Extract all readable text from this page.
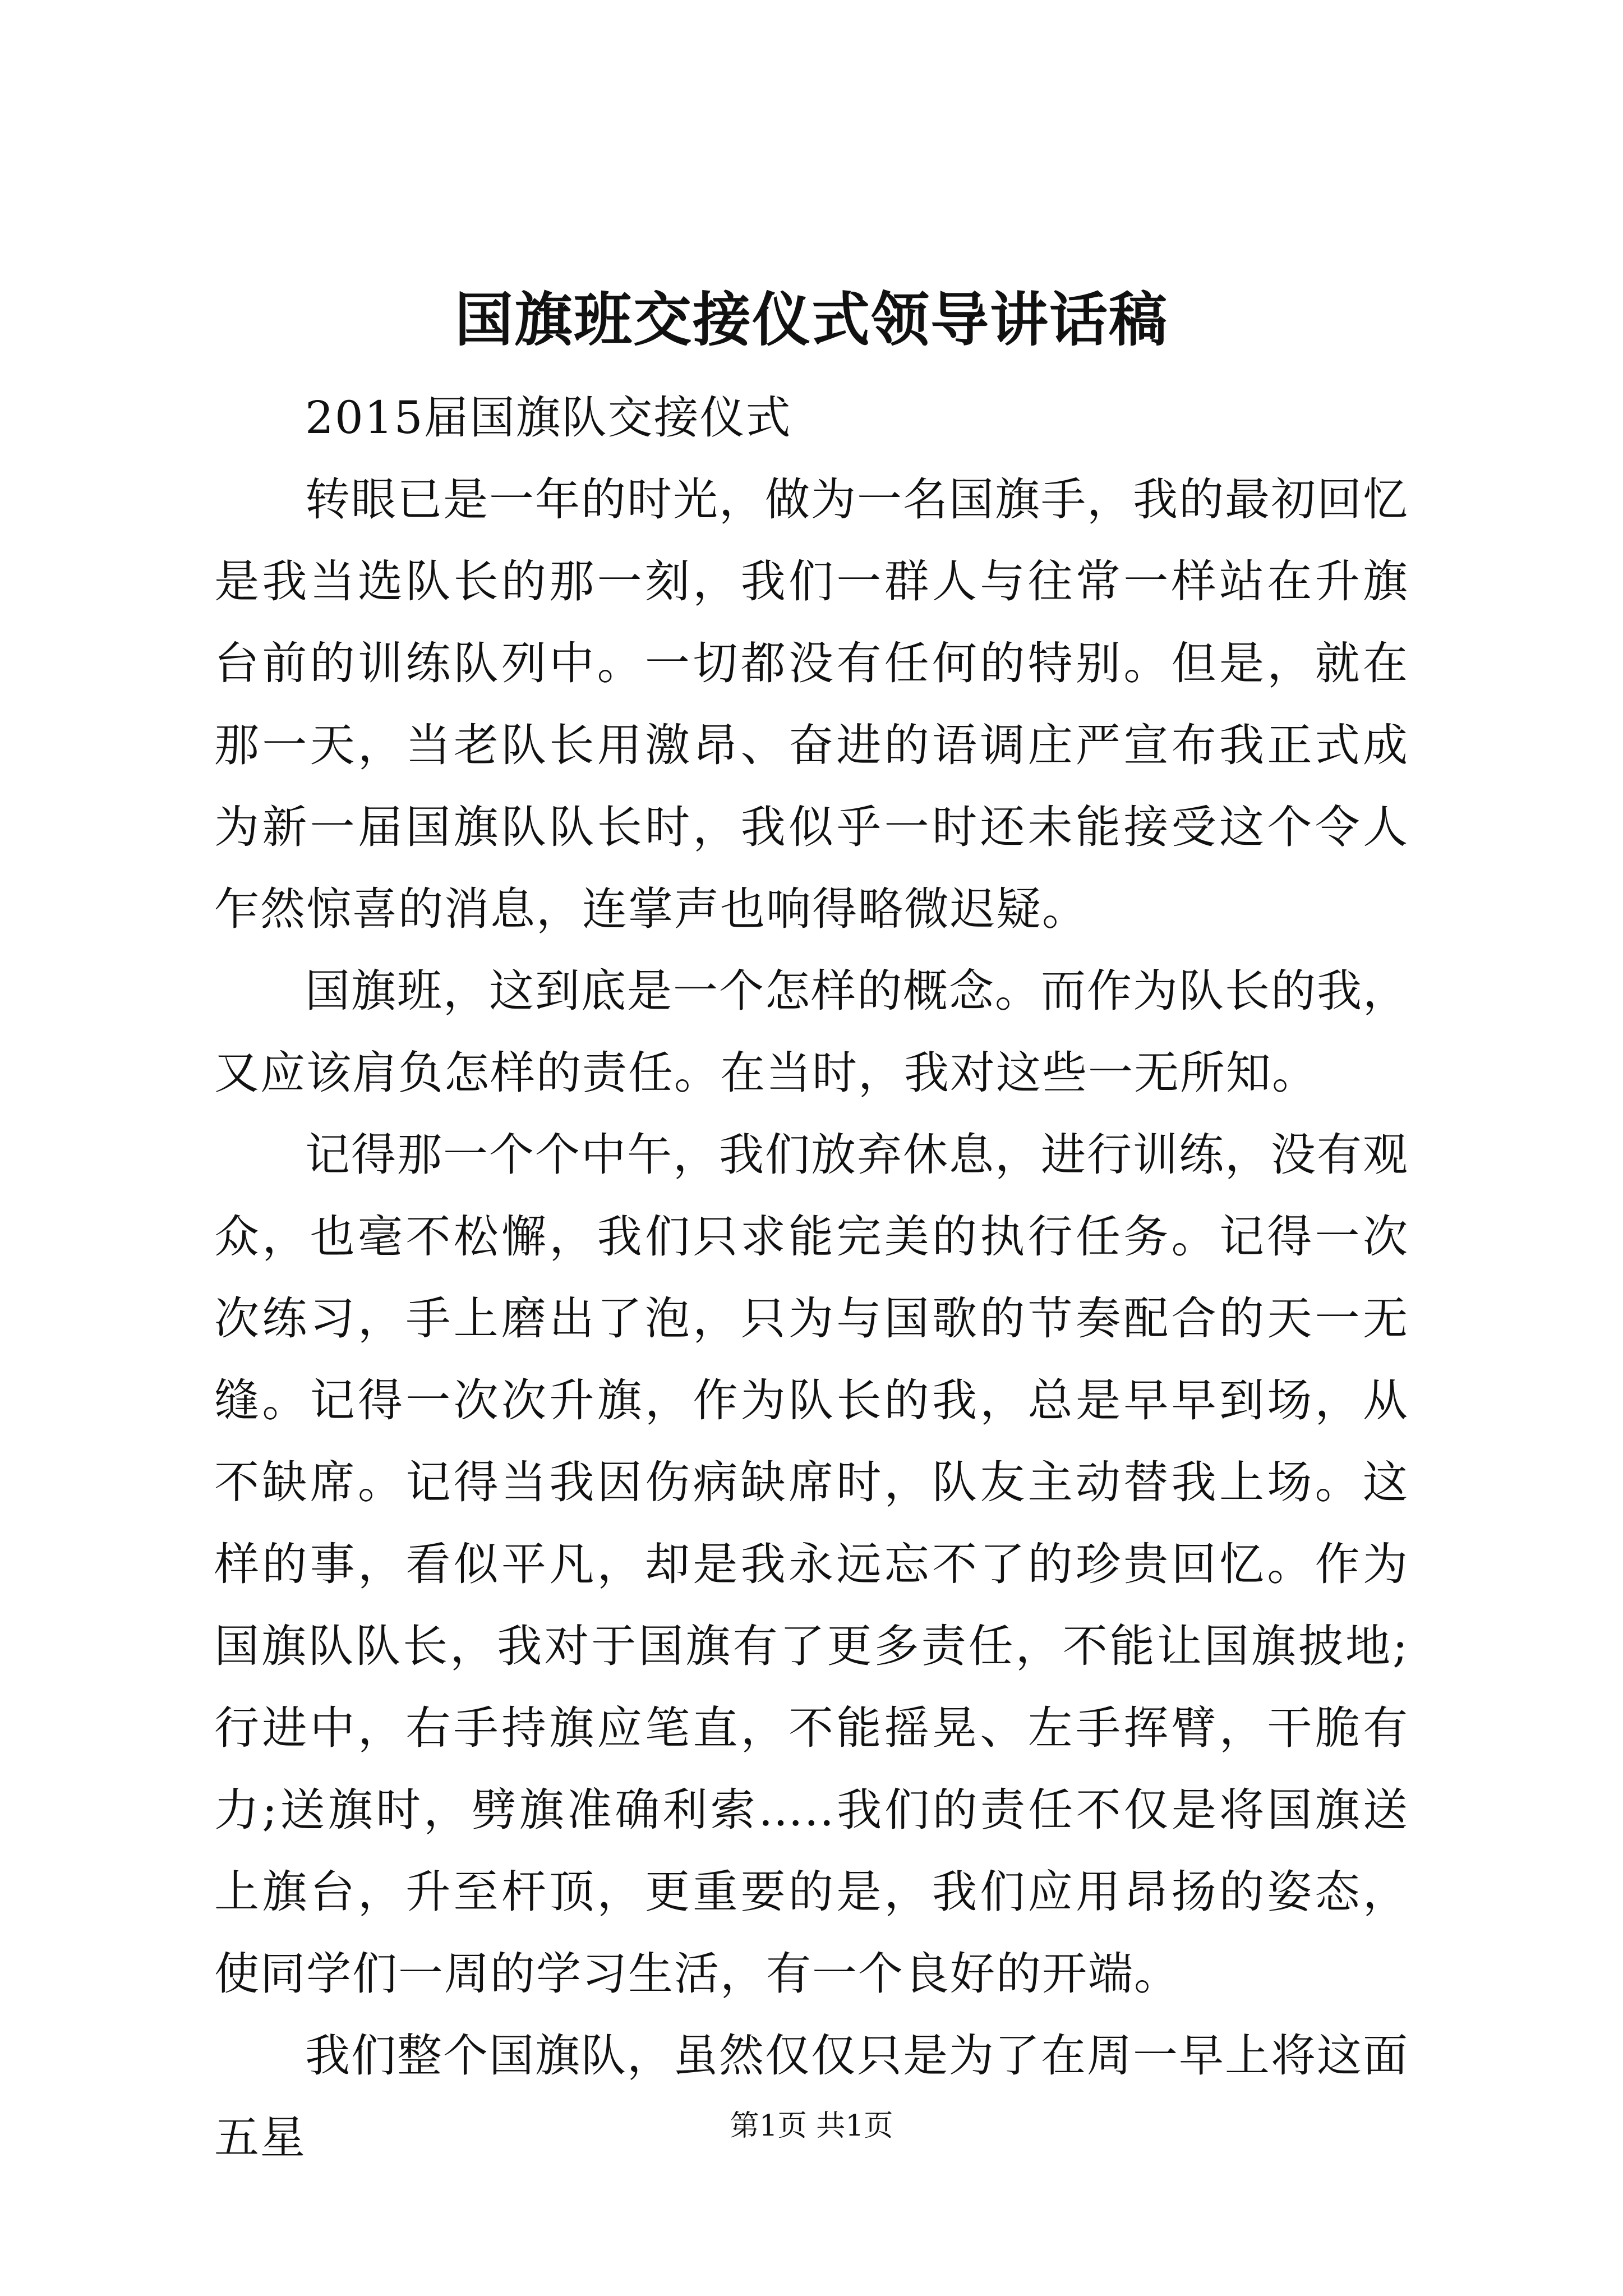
国旗班交接仪式领导讲话稿

2015届国旗队交接仪式

转眼已是一年的时光，做为一名国旗手，我的最初回忆是我当选队长的那一刻，我们一群人与往常一样站在升旗台前的训练队列中。一切都没有任何的特别。但是，就在那一天，当老队长用激昂、奋进的语调庄严宣布我正式成为新一届国旗队队长时，我似乎一时还未能接受这个令人乍然惊喜的消息，连掌声也响得略微迟疑。

国旗班，这到底是一个怎样的概念。而作为队长的我，又应该肩负怎样的责任。在当时，我对这些一无所知。

记得那一个个中午，我们放弃休息，进行训练，没有观众，也毫不松懈，我们只求能完美的执行任务。记得一次次练习，手上磨出了泡，只为与国歌的节奏配合的天一无缝。记得一次次升旗，作为队长的我，总是早早到场，从不缺席。记得当我因伤病缺席时，队友主动替我上场。这样的事，看似平凡，却是我永远忘不了的珍贵回忆。作为国旗队队长，我对于国旗有了更多责任，不能让国旗披地;行进中，右手持旗应笔直，不能摇晃、左手挥臂，干脆有力;送旗时，劈旗准确利索…..我们的责任不仅是将国旗送上旗台，升至杆顶，更重要的是，我们应用昂扬的姿态，使同学们一周的学习生活，有一个良好的开端。

我们整个国旗队，虽然仅仅只是为了在周一早上将这面五星	第1页 共1页
